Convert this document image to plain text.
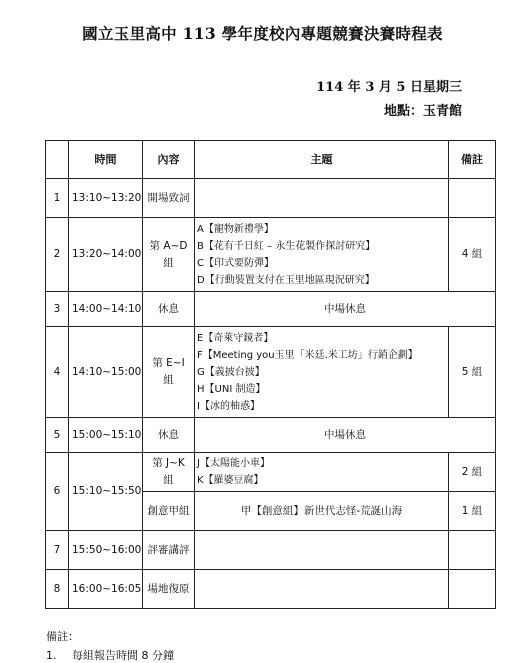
國立玉里高中 113 學年度校內專題競賽決賽時程表
114 年 3 月 5 日星期三
地點：玉青館
	時間	內容	主題	備註
1	13:10~13:20	開場致詞		
2	13:20~14:00	第 A~D 組	A【寵物新禮學】
B【花有千日紅 – 永生花製作探討研究】
C【印式要防彈】
D【行動裝置支付在玉里地區現況研究】	4 組
3	14:00~14:10	休息	中場休息	
4	14:10~15:00	第 E~I 組	E【奇萊守鏡者】
F【Meeting you玉里「米廷.米工坊」行銷企劃】
G【義披台披】
H【UNI 制造】
I【冰的柚惑】	5 組
5	15:00~15:10	休息	中場休息	
6	15:10~15:50	第 J~K 組	J【太陽能小車】
K【羅婆豆腐】	2 組
		創意甲組	甲【創意組】新世代志怪-荒誕山海	1 組
7	15:50~16:00	評審講評		
8	16:00~16:05	場地復原		
備註：
1. 每組報告時間 8 分鐘
